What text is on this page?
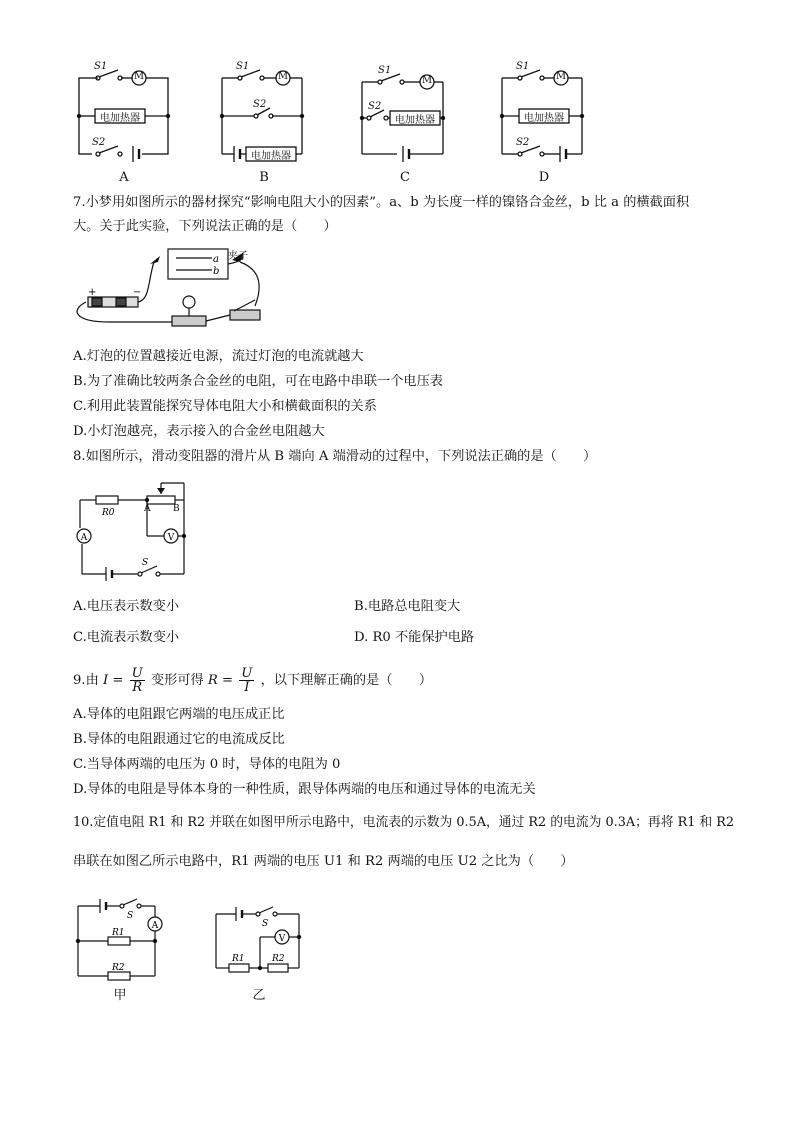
S1
M
电加热器
S2
S1
M
S2
电加热器
S1
M
S2
电加热器
S1
M
电加热器
S2
A	B	C	D
7.小梦用如图所示的器材探究“影响电阻大小的因素”。a、b 为长度一样的镍铬合金丝，b 比 a 的横截面积
大。关于此实验，下列说法正确的是（　　）
a
b
夹子
+	−
A.灯泡的位置越接近电源，流过灯泡的电流就越大
B.为了准确比较两条合金丝的电阻，可在电路中串联一个电压表
C.利用此装置能探究导体电阻大小和横截面积的关系
D.小灯泡越亮，表示接入的合金丝电阻越大
8.如图所示，滑动变阻器的滑片从 B 端向 A 端滑动的过程中，下列说法正确的是（　　）
A	V
R0	A	B
S
A.电压表示数变小	B.电路总电阻变大
C.电流表示数变小	D. R0 不能保护电路
9.由 $I = \frac{U}{R}$ 变形可得 $R = \frac{U}{I}$ ，以下理解正确的是（　　）
A.导体的电阻跟它两端的电压成正比
B.导体的电阻跟通过它的电流成反比
C.当导体两端的电压为 0 时，导体的电阻为 0
D.导体的电阻是导体本身的一种性质，跟导体两端的电压和通过导体的电流无关
10.定值电阻 R1 和 R2 并联在如图甲所示电路中，电流表的示数为 0.5A，通过 R2 的电流为 0.3A；再将 R1 和 R2
串联在如图乙所示电路中，R1 两端的电压 U1 和 R2 两端的电压 U2 之比为（　　）
A
S
R1
R2
甲
V
S
R1	R2
乙
